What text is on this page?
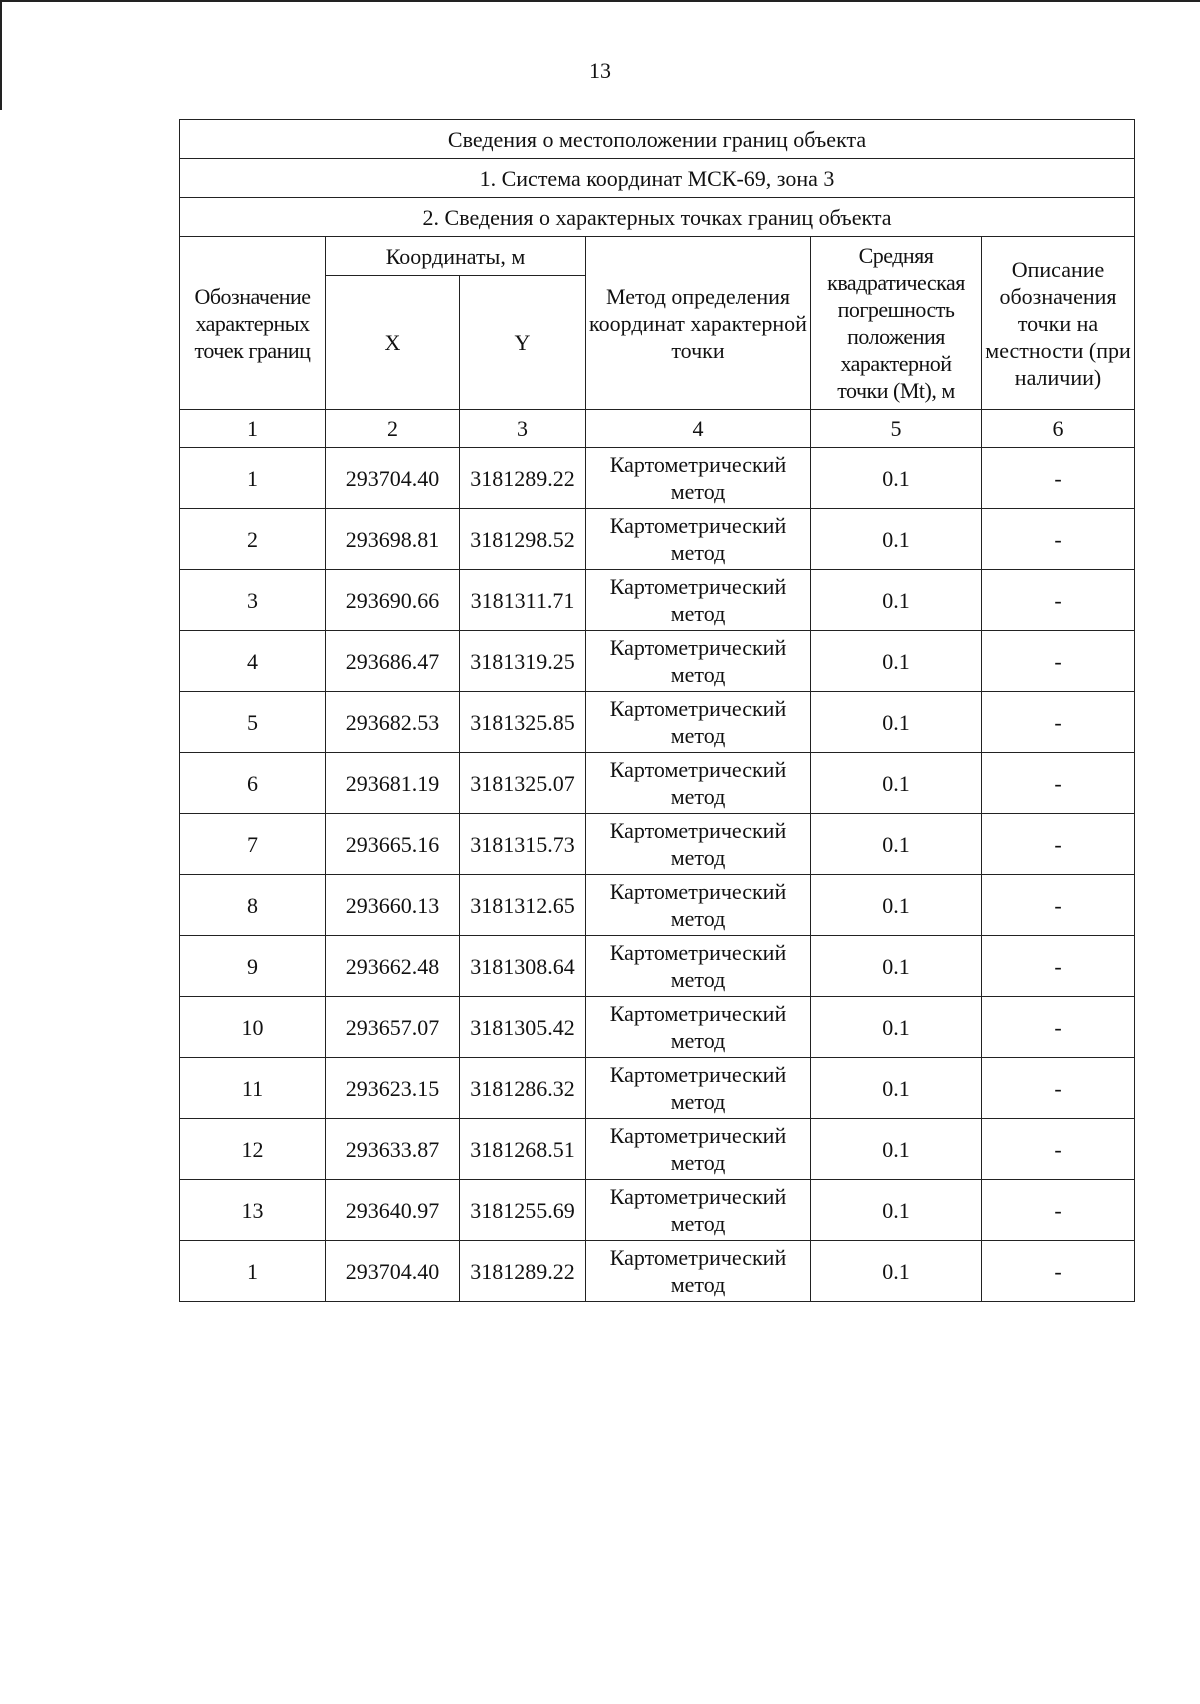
13
Сведения о местоположении границ объекта					
1. Система координат МСК-69, зона 3					
2. Сведения о характерных точках границ объекта					
Обозначение характерных точек границ	Координаты, м		Метод определения координат характерной точки	Средняя квадратическая погрешность положения характерной точки (Mt), м	Описание обозначения точки на местности (при наличии)
	X	Y			
1	2	3	4	5	6
1	293704.40	3181289.22	Картометрический метод	0.1	-
2	293698.81	3181298.52	Картометрический метод	0.1	-
3	293690.66	3181311.71	Картометрический метод	0.1	-
4	293686.47	3181319.25	Картометрический метод	0.1	-
5	293682.53	3181325.85	Картометрический метод	0.1	-
6	293681.19	3181325.07	Картометрический метод	0.1	-
7	293665.16	3181315.73	Картометрический метод	0.1	-
8	293660.13	3181312.65	Картометрический метод	0.1	-
9	293662.48	3181308.64	Картометрический метод	0.1	-
10	293657.07	3181305.42	Картометрический метод	0.1	-
11	293623.15	3181286.32	Картометрический метод	0.1	-
12	293633.87	3181268.51	Картометрический метод	0.1	-
13	293640.97	3181255.69	Картометрический метод	0.1	-
1	293704.40	3181289.22	Картометрический метод	0.1	-
